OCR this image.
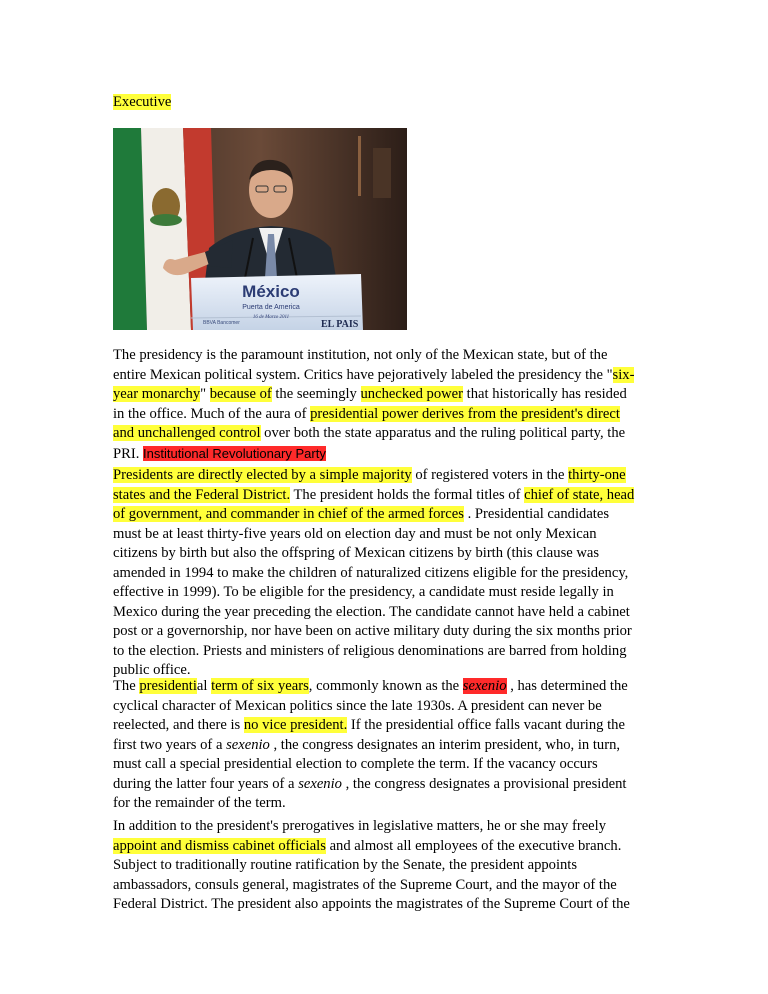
Executive
México
Puerta de America
16 de Marzo 2011
BBVA Bancomer	EL PAIS
The presidency is the paramount institution, not only of the Mexican state, but of the
entire Mexican political system. Critics have pejoratively labeled the presidency the "six-
year monarchy" because of the seemingly unchecked power that historically has resided
in the office. Much of the aura of presidential power derives from the president's direct
and unchallenged control over both the state apparatus and the ruling political party, the
PRI. Institutional Revolutionary Party
Presidents are directly elected by a simple majority of registered voters in the thirty-one
states and the Federal District. The president holds the formal titles of chief of state, head
of government, and commander in chief of the armed forces . Presidential candidates
must be at least thirty-five years old on election day and must be not only Mexican
citizens by birth but also the offspring of Mexican citizens by birth (this clause was
amended in 1994 to make the children of naturalized citizens eligible for the presidency,
effective in 1999). To be eligible for the presidency, a candidate must reside legally in
Mexico during the year preceding the election. The candidate cannot have held a cabinet
post or a governorship, nor have been on active military duty during the six months prior
to the election. Priests and ministers of religious denominations are barred from holding
public office.
The presidential term of six years, commonly known as the sexenio , has determined the
cyclical character of Mexican politics since the late 1930s. A president can never be
reelected, and there is no vice president. If the presidential office falls vacant during the
first two years of a sexenio , the congress designates an interim president, who, in turn,
must call a special presidential election to complete the term. If the vacancy occurs
during the latter four years of a sexenio , the congress designates a provisional president
for the remainder of the term.
In addition to the president's prerogatives in legislative matters, he or she may freely
appoint and dismiss cabinet officials and almost all employees of the executive branch.
Subject to traditionally routine ratification by the Senate, the president appoints
ambassadors, consuls general, magistrates of the Supreme Court, and the mayor of the
Federal District. The president also appoints the magistrates of the Supreme Court of the
